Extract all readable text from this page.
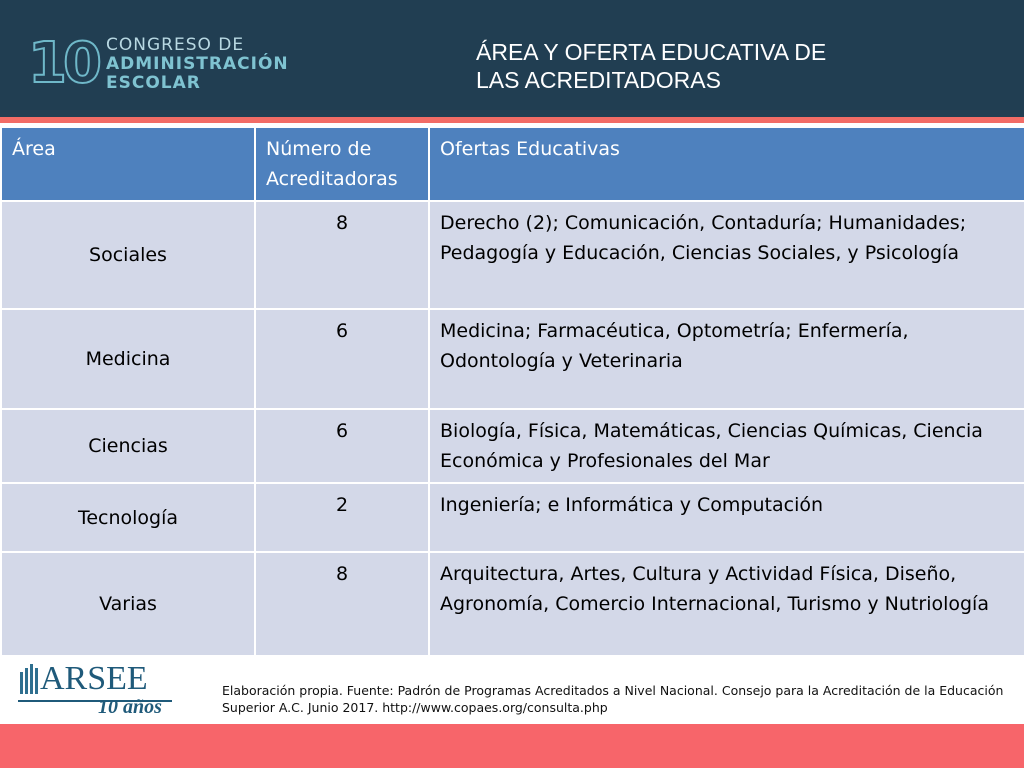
10 CONGRESO DE
ADMINISTRACIÓN
ESCOLAR
ÁREA Y OFERTA EDUCATIVA DE
LAS ACREDITADORAS
Área	Número de Acreditadoras	Ofertas Educativas
Sociales	8	Derecho (2); Comunicación, Contaduría; Humanidades; Pedagogía y Educación, Ciencias Sociales, y Psicología
Medicina	6	Medicina; Farmacéutica, Optometría; Enfermería, Odontología y Veterinaria
Ciencias	6	Biología, Física, Matemáticas, Ciencias Químicas, Ciencia Económica y Profesionales del Mar
Tecnología	2	Ingeniería; e Informática y Computación
Varias	8	Arquitectura, Artes, Cultura y Actividad Física, Diseño, Agronomía, Comercio Internacional, Turismo y Nutriología
ARSEE
10 años
Elaboración propia. Fuente: Padrón de Programas Acreditados a Nivel Nacional. Consejo para la Acreditación de la Educación Superior A.C. Junio 2017. http://www.copaes.org/consulta.php
